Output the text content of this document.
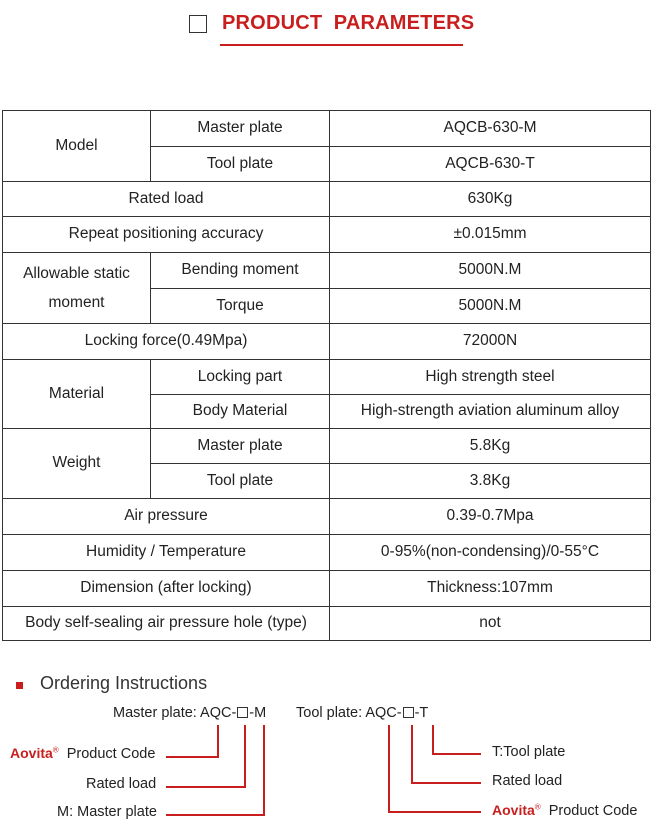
PRODUCT  PARAMETERS
Model	Master plate	AQCB-630-M
	Tool plate	AQCB-630-T
Rated load		630Kg
Repeat positioning accuracy		±0.015mm
Allowable static moment	Bending moment	5000N.M
	Torque	5000N.M
Locking force(0.49Mpa)		72000N
Material	Locking part	High strength steel
	Body Material	High-strength aviation aluminum alloy
Weight	Master plate	5.8Kg
	Tool plate	3.8Kg
Air pressure		0.39-0.7Mpa
Humidity / Temperature		0-95%(non-condensing)/0-55°C
Dimension (after locking)		Thickness:107mm
Body self-sealing air pressure hole (type)		not
Ordering Instructions
Master plate: AQC- -M Tool plate: AQC- -T
Aovita® Product Code
Rated load
M: Master plate
T:Tool plate
Rated load
Aovita® Product Code
